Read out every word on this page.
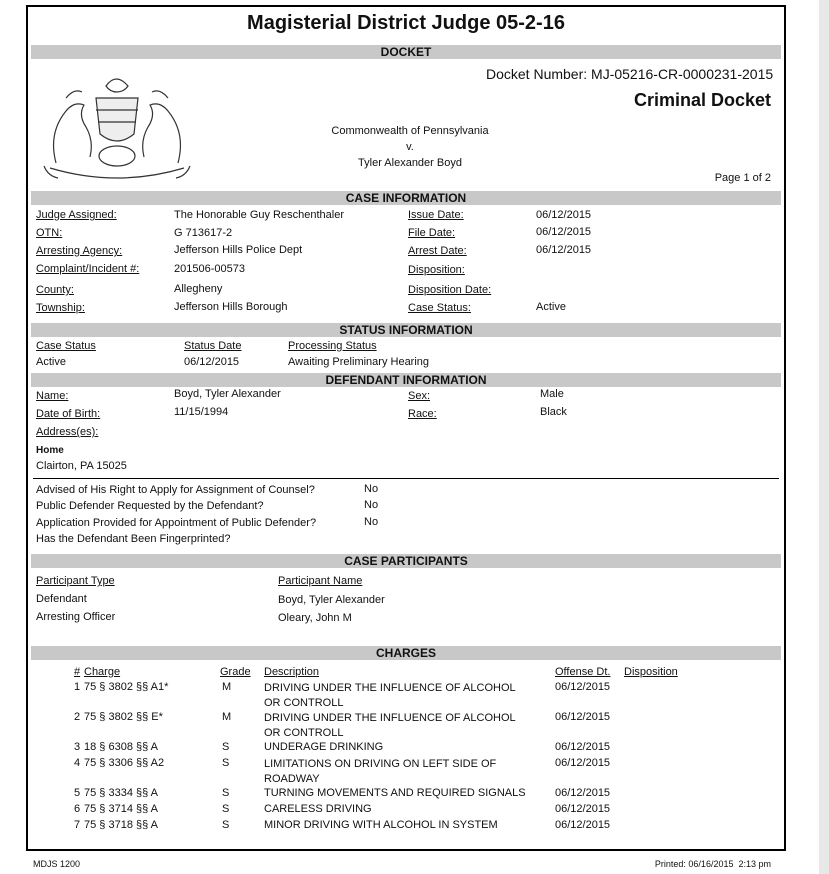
Magisterial District Judge 05-2-16
DOCKET
Docket Number: MJ-05216-CR-0000231-2015
Criminal Docket
Commonwealth of Pennsylvania
v.
Tyler Alexander Boyd
Page 1 of 2
CASE INFORMATION
Judge Assigned:	The Honorable Guy Reschenthaler
OTN:	G 713617-2
Arresting Agency:	Jefferson Hills Police Dept
Complaint/Incident #:	201506-00573
County:	Allegheny
Township:	Jefferson Hills Borough
Issue Date:	06/12/2015
File Date:	06/12/2015
Arrest Date:	06/12/2015
Disposition:
Disposition Date:
Case Status:	Active
STATUS INFORMATION
Case Status	Status Date	Processing Status
Active	06/12/2015	Awaiting Preliminary Hearing
DEFENDANT INFORMATION
Name:	Boyd, Tyler Alexander
Date of Birth:	11/15/1994
Address(es):
Sex:	Male
Race:	Black
Home
Clairton, PA 15025
Advised of His Right to Apply for Assignment of Counsel?	No
Public Defender Requested by the Defendant?	No
Application Provided for Appointment of Public Defender?	No
Has the Defendant Been Fingerprinted?
CASE PARTICIPANTS
Participant Type	Participant Name
Defendant	Boyd, Tyler Alexander
Arresting Officer	Oleary, John M
CHARGES
# Charge	Grade Description	Offense Dt. Disposition
1 75 § 3802 §§ A1*	M	DRIVING UNDER THE INFLUENCE OF ALCOHOL
OR CONTROLL
06/12/2015
2 75 § 3802 §§ E*	M	DRIVING UNDER THE INFLUENCE OF ALCOHOL
OR CONTROLL
06/12/2015
3 18 § 6308 §§ A	S	UNDERAGE DRINKING	06/12/2015
4 75 § 3306 §§ A2	S	LIMITATIONS ON DRIVING ON LEFT SIDE OF
ROADWAY
06/12/2015
5 75 § 3334 §§ A	S	TURNING MOVEMENTS AND REQUIRED SIGNALS	06/12/2015
6 75 § 3714 §§ A	S	CARELESS DRIVING	06/12/2015
7 75 § 3718 §§ A	S	MINOR DRIVING WITH ALCOHOL IN SYSTEM	06/12/2015
MDJS 1200	Printed: 06/16/2015  2:13 pm
